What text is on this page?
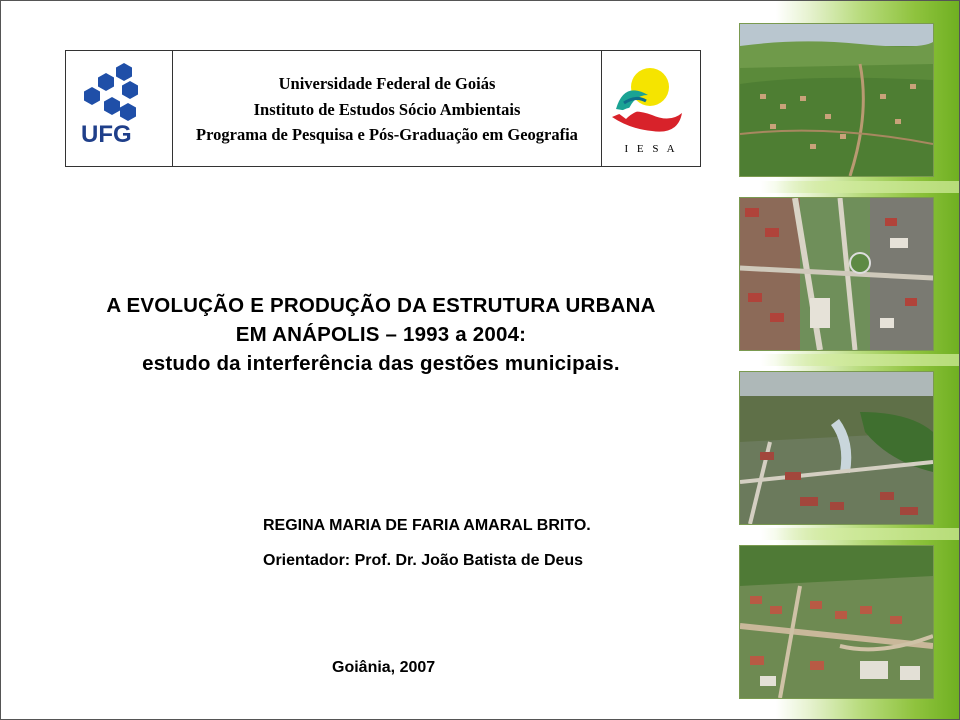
UFG
Universidade Federal de Goiás
Instituto de Estudos Sócio Ambientais
Programa de Pesquisa e Pós-Graduação em Geografia
I E S A
A EVOLUÇÃO E PRODUÇÃO DA ESTRUTURA URBANA
EM ANÁPOLIS – 1993 a 2004:
estudo da interferência das gestões municipais.
REGINA MARIA DE FARIA AMARAL BRITO.
Orientador: Prof. Dr. João Batista de Deus
Goiânia, 2007
